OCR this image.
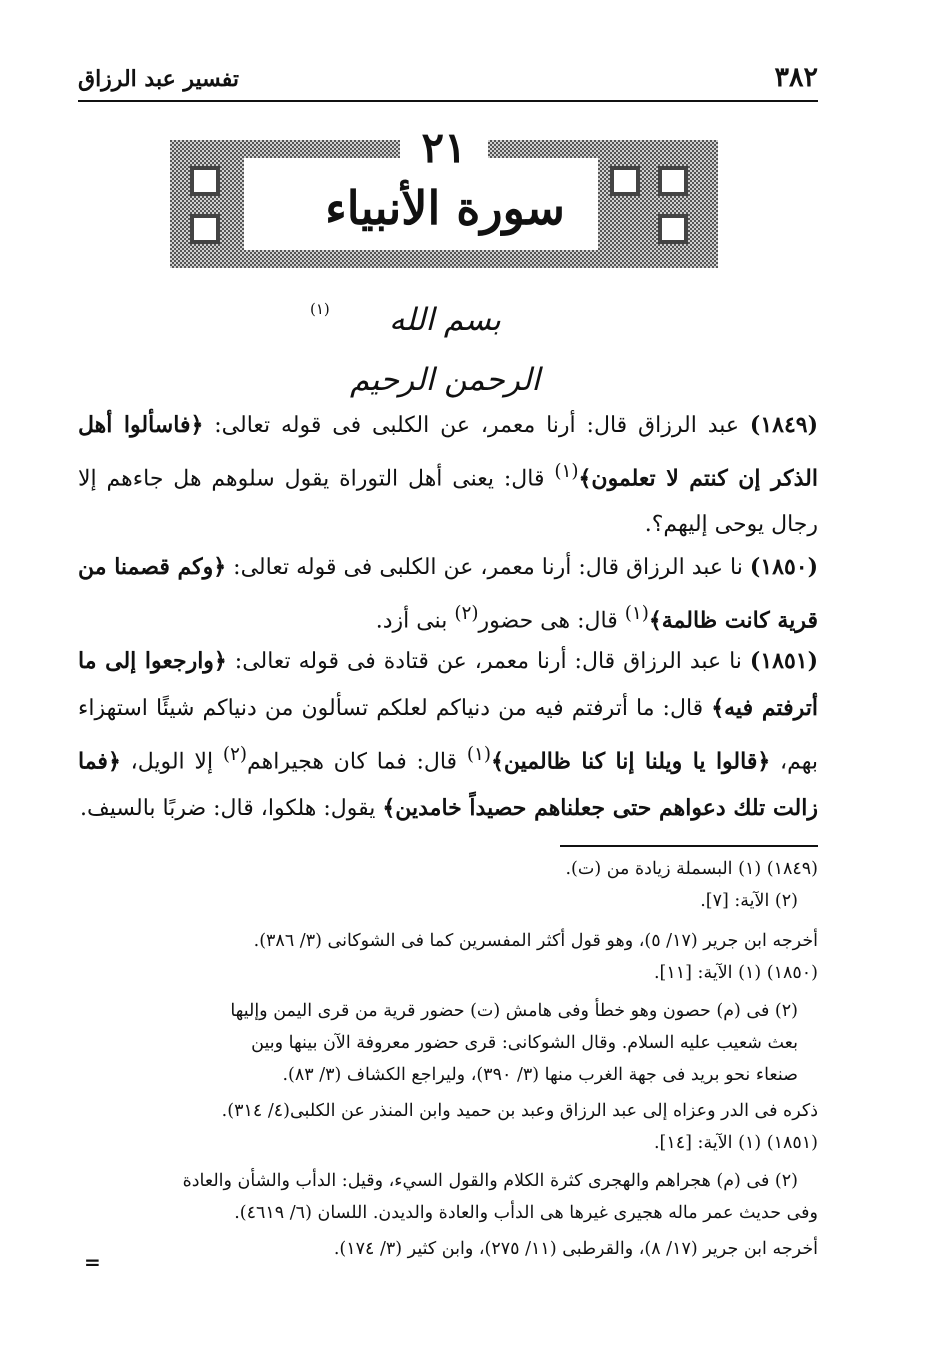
٣٨٢
تفسير عبد الرزاق
٢١
سورة الأنبياء
بسم الله الرحمن الرحيم
(١)
(١٨٤٩) عبد الرزاق قال: أرنا معمر، عن الكلبى فى قوله تعالى: ﴿فاسألوا أهل الذكر إن كنتم لا تعلمون﴾$^{(١)}$ قال: يعنى أهل التوراة يقول سلوهم هل جاءهم إلا رجال يوحى إليهم؟.
(١٨٥٠) نا عبد الرزاق قال: أرنا معمر، عن الكلبى فى قوله تعالى: ﴿وكم قصمنا من قرية كانت ظالمة﴾$^{(١)}$ قال: هى حضور$^{(٢)}$ بنى أزد.
(١٨٥١) نا عبد الرزاق قال: أرنا معمر، عن قتادة فى قوله تعالى: ﴿وارجعوا إلى ما أترفتم فيه﴾ قال: ما أترفتم فيه من دنياكم لعلكم تسألون من دنياكم شيئًا استهزاء بهم، ﴿قالوا يا ويلنا إنا كنا ظالمين﴾$^{(١)}$ قال: فما كان هجيراهم$^{(٢)}$ إلا الويل، ﴿فما زالت تلك دعواهم حتى جعلناهم حصيداً خامدين﴾ يقول: هلكوا، قال: ضربًا بالسيف.
(١٨٤٩) (١) البسملة زيادة من (ت).
(٢) الآية: [٧].
أخرجه ابن جرير (١٧/ ٥)، وهو قول أكثر المفسرين كما فى الشوكانى (٣/ ٣٨٦).
(١٨٥٠) (١) الآية: [١١].
(٢) فى (م) حصون وهو خطأ وفى هامش (ت) حضور قرية من قرى اليمن وإليها
بعث شعيب عليه السلام. وقال الشوكانى: قرى حضور معروفة الآن بينها وبين
صنعاء نحو بريد فى جهة الغرب منها (٣/ ٣٩٠)، وليراجع الكشاف (٣/ ٨٣).
ذكره فى الدر وعزاه إلى عبد الرزاق وعبد بن حميد وابن المنذر عن الكلبى(٤/ ٣١٤).
(١٨٥١) (١) الآية: [١٤].
(٢) فى (م) هجراهم والهجرى كثرة الكلام والقول السيء، وقيل: الدأب والشأن والعادة
وفى حديث عمر ماله هجيرى غيرها هى الدأب والعادة والديدن. اللسان (٦/ ٤٦١٩).
أخرجه ابن جرير (١٧/ ٨)، والقرطبى (١١/ ٢٧٥)، وابن كثير (٣/ ١٧٤).
=
